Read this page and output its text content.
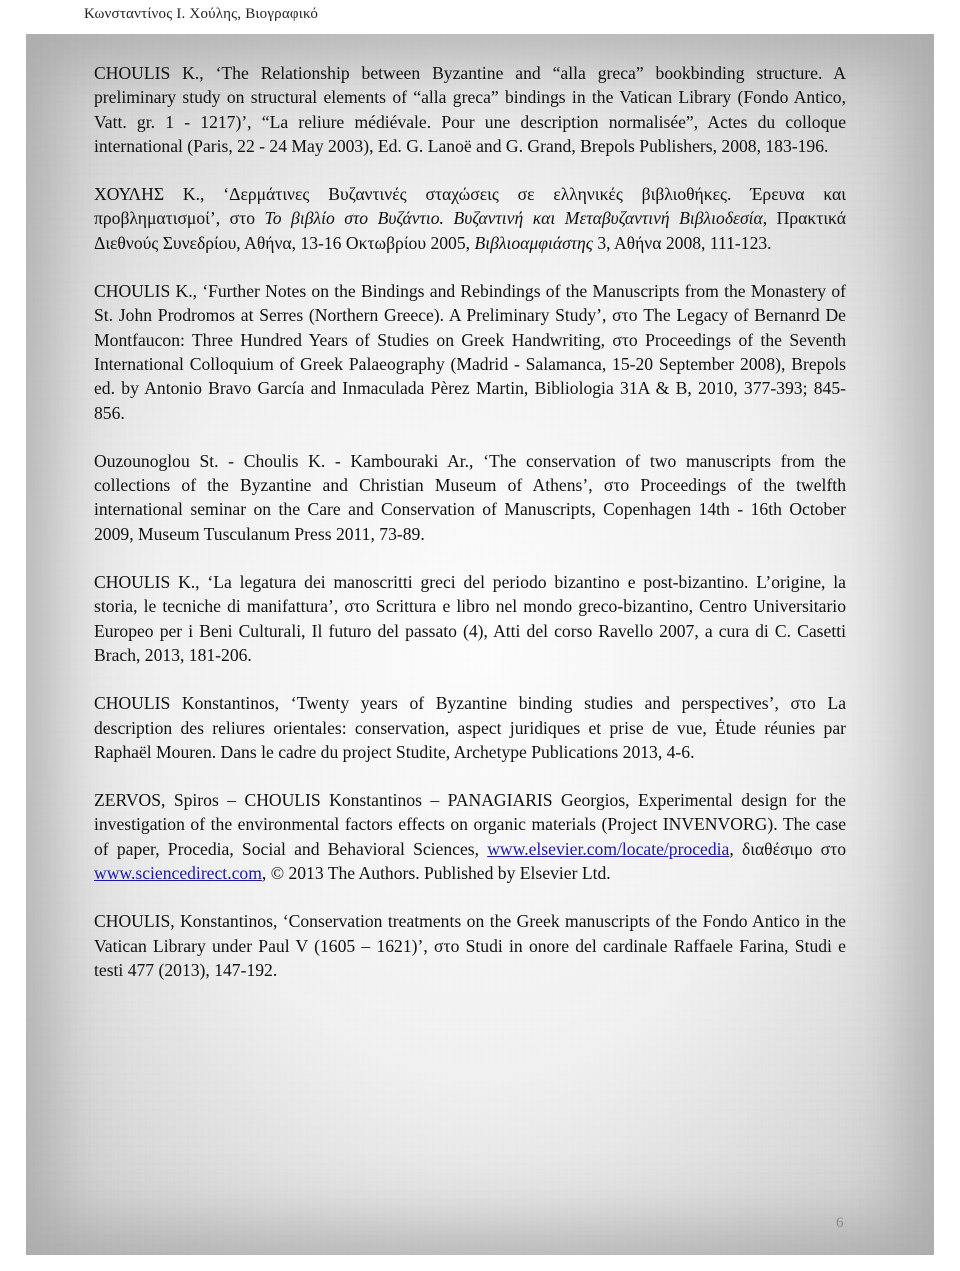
Κωνσταντίνος Ι. Χούλης, Βιογραφικό

CHOULIS K., ‘The Relationship between Byzantine and “alla greca” bookbinding structure. A preliminary study on structural elements of “alla greca” bindings in the Vatican Library (Fondo Antico, Vatt. gr. 1 - 1217)’, “La reliure médiévale. Pour une description normalisée”, Actes du colloque international (Paris, 22 - 24 May 2003), Ed. G. Lanoë and G. Grand, Brepols Publishers, 2008, 183-196.

ΧΟΥΛΗΣ Κ., ‘Δερμάτινες Βυζαντινές σταχώσεις σε ελληνικές βιβλιοθήκες. Έρευνα και προβληματισμοί’, στο Το βιβλίο στο Βυζάντιο. Βυζαντινή και Μεταβυζαντινή Βιβλιοδεσία, Πρακτικά Διεθνούς Συνεδρίου, Αθήνα, 13-16 Οκτωβρίου 2005, Βιβλιοαμφιάστης 3, Αθήνα 2008, 111-123.

CHOULIS K., ‘Further Notes on the Bindings and Rebindings of the Manuscripts from the Monastery of St. John Prodromos at Serres (Northern Greece). A Preliminary Study’, στο The Legacy of Bernanrd De Montfaucon: Three Hundred Years of Studies on Greek Handwriting, στο Proceedings of the Seventh International Colloquium of Greek Palaeography (Madrid - Salamanca, 15-20 September 2008), Brepols ed. by Antonio Bravo García and Inmaculada Pèrez Martin, Bibliologia 31A & B, 2010, 377-393; 845-856.

Ouzounoglou St. - Choulis K. - Kambouraki Ar., ‘The conservation of two manuscripts from the collections of the Byzantine and Christian Museum of Athens’, στο Proceedings of the twelfth international seminar on the Care and Conservation of Manuscripts, Copenhagen 14th - 16th October 2009, Museum Tusculanum Press 2011, 73-89.

CHOULIS K., ‘La legatura dei manoscritti greci del periodo bizantino e post-bizantino. L’origine, la storia, le tecniche di manifattura’, στο Scrittura e libro nel mondo greco-bizantino, Centro Universitario Europeo per i Beni Culturali, Il futuro del passato (4), Atti del corso Ravello 2007, a cura di C. Casetti Brach, 2013, 181-206.

CHOULIS Konstantinos, ‘Twenty years of Byzantine binding studies and perspectives’, στο La description des reliures orientales: conservation, aspect juridiques et prise de vue, Ėtude réunies par Raphaël Mouren. Dans le cadre du project Studite, Archetype Publications 2013, 4-6.

ZERVOS, Spiros – CHOULIS Konstantinos – PANAGIARIS Georgios, Experimental design for the investigation of the environmental factors effects on organic materials (Project INVENVORG). The case of paper, Procedia, Social and Behavioral Sciences, www.elsevier.com/locate/procedia, διαθέσιμο στο www.sciencedirect.com, © 2013 The Authors. Published by Elsevier Ltd.

CHOULIS, Konstantinos, ‘Conservation treatments on the Greek manuscripts of the Fondo Antico in the Vatican Library under Paul V (1605 – 1621)’, στο Studi in onore del cardinale Raffaele Farina, Studi e testi 477 (2013), 147-192.

6
